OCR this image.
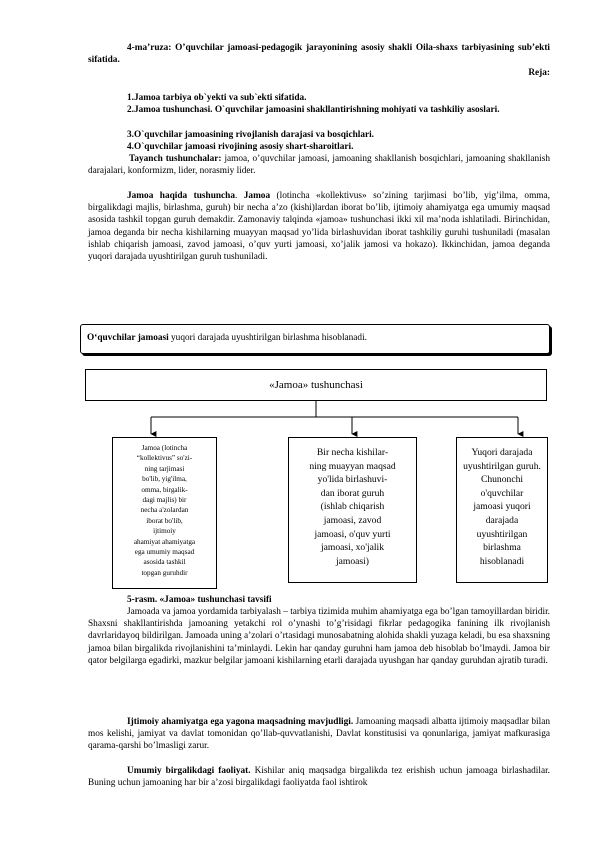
4-ma’ruza: O’quvchilar jamoasi-pedagogik jarayonining asosiy shakli Oila-shaxs tarbiyasining sub’ekti sifatida.
Reja:
1.Jamoa tarbiya ob`yekti va sub`ekti sifatida.
2.Jamoa tushunchasi. O`quvchilar jamoasini shakllantirishning mohiyati va tashkiliy asoslari.
3.O`quvchilar jamoasining rivojlanish darajasi va bosqichlari.
4.O`quvchilar jamoasi rivojining asosiy shart-sharoitlari.
Tayanch tushunchalar: jamoa, o’quvchilar jamoasi, jamoaning shakllanish bosqichlari, jamoaning shakllanish darajalari, konformizm, lider, norasmiy lider.
Jamoa haqida tushuncha. Jamoa (lotincha «kollektivus» so’zining tarjimasi bo’lib, yig’ilma, omma, birgalikdagi majlis, birlashma, guruh) bir necha a’zo (kishi)lardan iborat bo’lib, ijtimoiy ahamiyatga ega umumiy maqsad asosida tashkil topgan guruh demakdir. Zamonaviy talqinda «jamoa» tushunchasi ikki xil ma’noda ishlatiladi. Birinchidan, jamoa deganda bir necha kishilarning muayyan maqsad yo’lida birlashuvidan iborat tashkiliy guruhi tushuniladi (masalan ishlab chiqarish jamoasi, zavod jamoasi, o’quv yurti jamoasi, xo’jalik jamosi va hokazo). Ikkinchidan, jamoa deganda yuqori darajada uyushtirilgan guruh tushuniladi.
O‘quvchilar jamoasi yuqori darajada uyushtirilgan birlashma hisoblanadi.
«Jamoa» tushunchasi
Jamoa (lotincha
“kollektivus” so'zi-
ning tarjimasi
bo'lib, yig'ilma,
omma, birgalik-
dagi majlis) bir
necha a'zolardan
iborat bo'lib,
ijtimoiy
ahamiyat ahamiyatga
ega umumiy maqsad
asosida tashkil
topgan guruhdir
Bir necha kishilar-
ning muayyan maqsad
yo'lida birlashuvi-
dan iborat guruh
(ishlab chiqarish
jamoasi, zavod
jamoasi, o'quv yurti
jamoasi, xo'jalik
jamoasi)
Yuqori darajada
uyushtirilgan guruh.
Chunonchi
o'quvchilar
jamoasi yuqori
darajada
uyushtirilgan
birlashma
hisoblanadi
5-rasm. «Jamoa» tushunchasi tavsifi
Jamoada va jamoa yordamida tarbiyalash – tarbiya tizimida muhim ahamiyatga ega bo’lgan tamoyillardan biridir. Shaxsni shakllantirishda jamoaning yetakchi rol o’ynashi to’g’risidagi fikrlar pedagogika fanining ilk rivojlanish davrlaridayoq bildirilgan. Jamoada uning a’zolari o’rtasidagi munosabatning alohida shakli yuzaga keladi, bu esa shaxsning jamoa bilan birgalikda rivojlanishini ta’minlaydi. Lekin har qanday guruhni ham jamoa deb hisoblab bo’lmaydi. Jamoa bir qator belgilarga egadirki, mazkur belgilar jamoani kishilarning etarli darajada uyushgan har qanday guruhdan ajratib turadi.
Ijtimoiy ahamiyatga ega yagona maqsadning mavjudligi. Jamoaning maqsadi albatta ijtimoiy maqsadlar bilan mos kelishi, jamiyat va davlat tomonidan qo’llab-quvvatlanishi, Davlat konstitusisi va qonunlariga, jamiyat mafkurasiga qarama-qarshi bo’lmasligi zarur.
Umumiy birgalikdagi faoliyat. Kishilar aniq maqsadga birgalikda tez erishish uchun jamoaga birlashadilar. Buning uchun jamoaning har bir a’zosi birgalikdagi faoliyatda faol ishtirok
